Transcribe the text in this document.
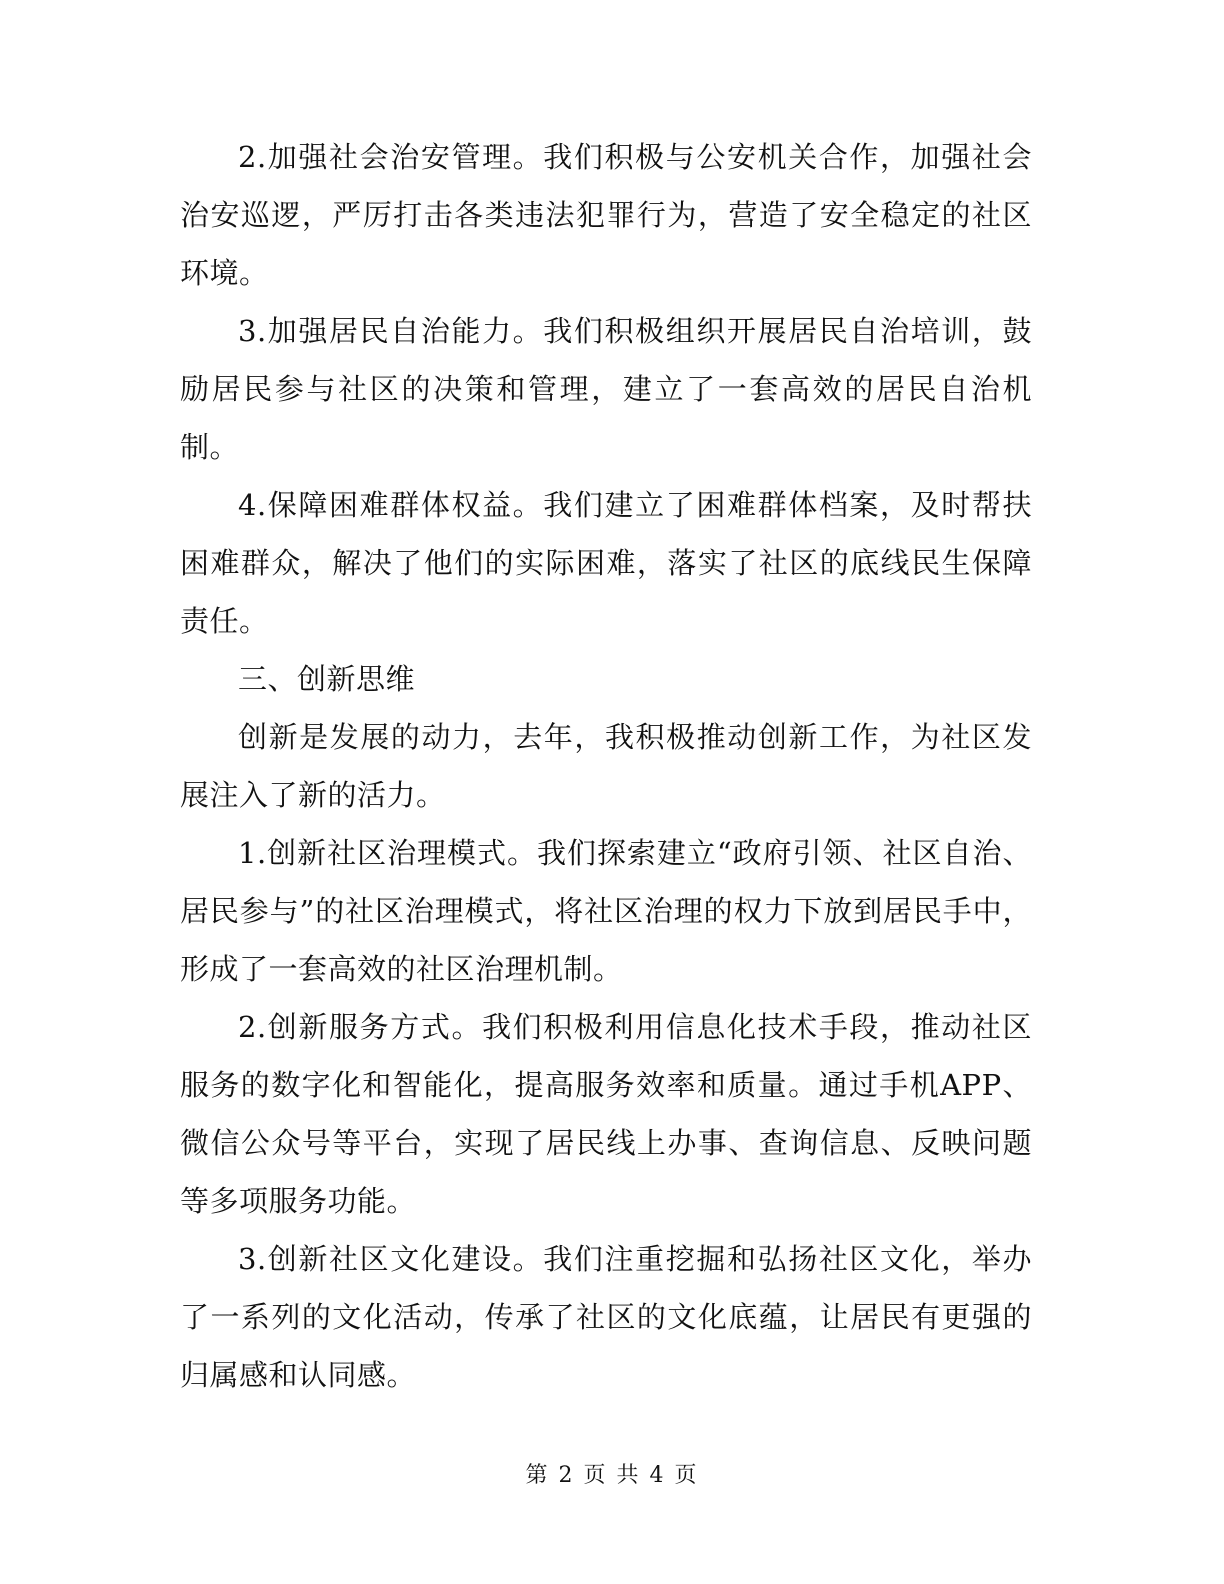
2.加强社会治安管理。我们积极与公安机关合作，加强社会治安巡逻，严厉打击各类违法犯罪行为，营造了安全稳定的社区环境。

3.加强居民自治能力。我们积极组织开展居民自治培训，鼓励居民参与社区的决策和管理，建立了一套高效的居民自治机制。

4.保障困难群体权益。我们建立了困难群体档案，及时帮扶困难群众，解决了他们的实际困难，落实了社区的底线民生保障责任。

三、创新思维

创新是发展的动力，去年，我积极推动创新工作，为社区发展注入了新的活力。

1.创新社区治理模式。我们探索建立“政府引领、社区自治、居民参与”的社区治理模式，将社区治理的权力下放到居民手中，形成了一套高效的社区治理机制。

2.创新服务方式。我们积极利用信息化技术手段，推动社区服务的数字化和智能化，提高服务效率和质量。通过手机APP、微信公众号等平台，实现了居民线上办事、查询信息、反映问题等多项服务功能。

3.创新社区文化建设。我们注重挖掘和弘扬社区文化，举办了一系列的文化活动，传承了社区的文化底蕴，让居民有更强的归属感和认同感。

第 2 页 共 4 页
